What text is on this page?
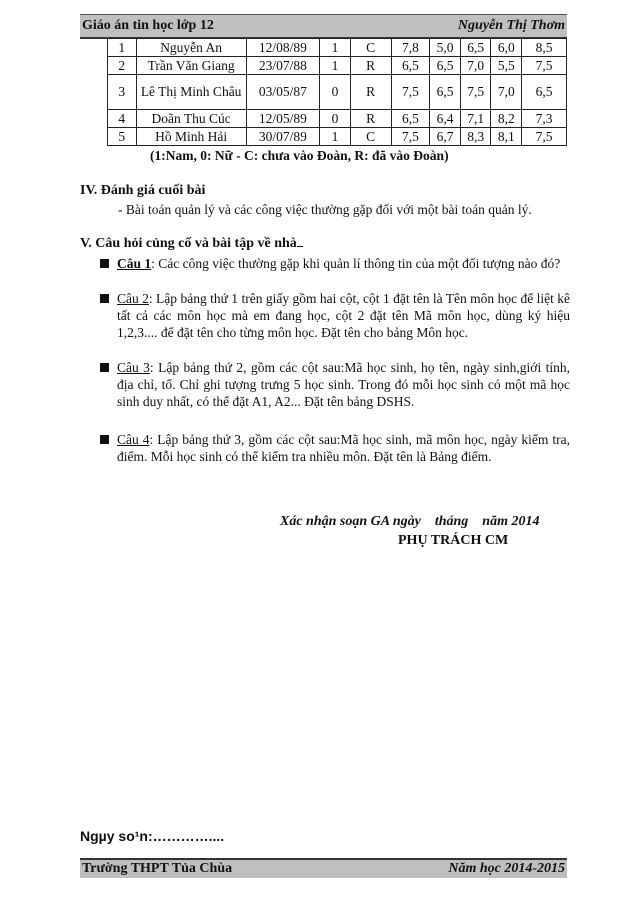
Giáo án tin học lớp 12	Nguyễn Thị Thơm
1	Nguyễn An	12/08/89	1	C	7,8	5,0	6,5	6,0	8,5
2	Trần Văn Giang	23/07/88	1	R	6,5	6,5	7,0	5,5	7,5
3	Lê Thị Minh Châu	03/05/87	0	R	7,5	6,5	7,5	7,0	6,5
4	Doãn Thu Cúc	12/05/89	0	R	6,5	6,4	7,1	8,2	7,3
5	Hồ Minh Hải	30/07/89	1	C	7,5	6,7	8,3	8,1	7,5
(1:Nam, 0: Nữ - C: chưa vào Đoàn, R: đã vào Đoàn)
IV. Đánh giá cuối bài
- Bài toán quản lý và các công việc thường gặp đối với một bài toán quản lý.
V. Câu hỏi củng cố và bài tập về nhà
Câu 1: Các công việc thường gặp khi quản lí thông tin của một đối tượng nào đó?
Câu 2: Lập bảng thứ 1 trên giấy gồm hai cột, cột 1 đặt tên là Tên môn học để liệt kê tất cả các môn học mà em đang học, cột 2 đặt tên Mã môn học, dùng ký hiệu 1,2,3.... để đặt tên cho từng môn học. Đặt tên cho bảng Môn học.
Câu 3: Lập bảng thứ 2, gồm các cột sau:Mã học sinh, họ tên, ngày sinh,giới tính, địa chỉ, tổ. Chỉ ghi tượng trưng 5 học sinh. Trong đó mỗi học sinh có một mã học sinh duy nhất, có thể đặt A1, A2... Đặt tên bảng DSHS.
Câu 4: Lập bảng thứ 3, gồm các cột sau:Mã học sinh, mã môn học, ngày kiểm tra, điểm. Mỗi học sinh có thể kiểm tra nhiều môn. Đặt tên là Bảng điểm.
Xác nhận soạn GA ngày    tháng    năm 2014
PHỤ TRÁCH CM
Ngµy so¹n:…………....
Trường THPT Tủa Chùa	Năm học 2014-2015
